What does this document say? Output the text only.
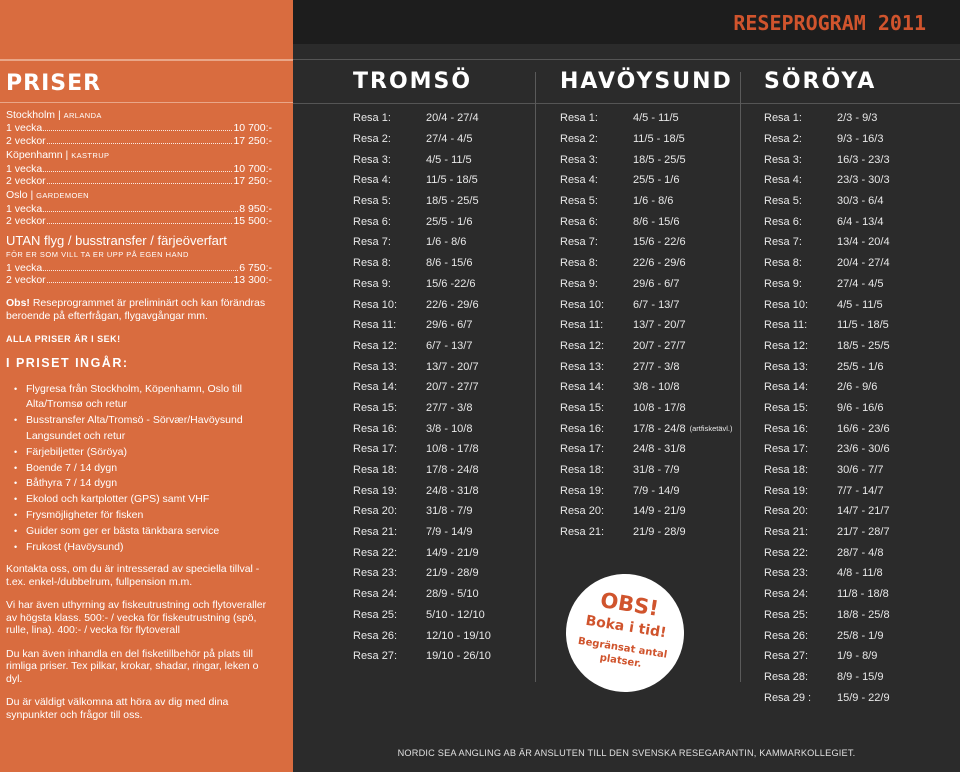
PRISER
Stockholm | ARLANDA
1 vecka	10 700:-
2 veckor	17 250:-
Köpenhamn | KASTRUP
1 vecka	10 700:-
2 veckor	17 250:-
Oslo | GARDEMOEN
1 vecka	8 950:-
2 veckor	15 500:-
UTAN flyg / busstransfer / färjeöverfart
FÖR ER SOM VILL TA ER UPP PÅ EGEN HAND
1 vecka	6 750:-
2 veckor	13 300:-
Obs! Reseprogrammet är preliminärt och kan förändras beroende på efterfrågan, flygavgångar mm.
ALLA PRISER ÄR I SEK!
I PRISET INGÅR:
• Flygresa från Stockholm, Köpenhamn, Oslo till Alta/Tromsø och retur
• Busstransfer Alta/Tromsö - Sörvær/Havöysund Langsundet och retur
• Färjebiljetter (Söröya)
• Boende 7 / 14 dygn
• Båthyra 7 / 14 dygn
• Ekolod och kartplotter (GPS) samt VHF
• Frysmöjligheter för fisken
• Guider som ger er bästa tänkbara service
• Frukost (Havöysund)
Kontakta oss, om du är intresserad av speciella tillval - t.ex. enkel-/dubbelrum, fullpension m.m.
Vi har även uthyrning av fiskeutrustning och flytoveraller av högsta klass. 500:- / vecka för fiskeutrustning (spö, rulle, lina). 400:- / vecka för flytoverall
Du kan även inhandla en del fisketillbehör på plats till rimliga priser. Tex pilkar, krokar, shadar, ringar, leken o dyl.
Du är väldigt välkomna att höra av dig med dina synpunkter och frågor till oss.
RESEPROGRAM 2011
TROMSÖ	HAVÖYSUND SÖRÖYA
Resa 1:	20/4 - 27/4
Resa 2:	27/4 - 4/5
Resa 3:	4/5 - 11/5
Resa 4:	11/5 - 18/5
Resa 5:	18/5 - 25/5
Resa 6:	25/5 - 1/6
Resa 7:	1/6 - 8/6
Resa 8:	8/6 - 15/6
Resa 9:	15/6 -22/6
Resa 10:	22/6 - 29/6
Resa 11:	29/6 - 6/7
Resa 12:	6/7 - 13/7
Resa 13:	13/7 - 20/7
Resa 14:	20/7 - 27/7
Resa 15:	27/7 - 3/8
Resa 16:	3/8 - 10/8
Resa 17:	10/8 - 17/8
Resa 18:	17/8 - 24/8
Resa 19:	24/8 - 31/8
Resa 20:	31/8 - 7/9
Resa 21:	7/9 - 14/9
Resa 22:	14/9 - 21/9
Resa 23:	21/9 - 28/9
Resa 24:	28/9 - 5/10
Resa 25:	5/10 - 12/10
Resa 26:	12/10 - 19/10
Resa 27:	19/10 - 26/10
Resa 1:	4/5 - 11/5
Resa 2:	11/5 - 18/5
Resa 3:	18/5 - 25/5
Resa 4:	25/5 - 1/6
Resa 5:	1/6 - 8/6
Resa 6:	8/6 - 15/6
Resa 7:	15/6 - 22/6
Resa 8:	22/6 - 29/6
Resa 9:	29/6 - 6/7
Resa 10:	6/7 - 13/7
Resa 11:	13/7 - 20/7
Resa 12:	20/7 - 27/7
Resa 13:	27/7 - 3/8
Resa 14:	3/8 - 10/8
Resa 15:	10/8 - 17/8
Resa 16:	17/8 - 24/8 (artfisketävl.)
Resa 17:	24/8 - 31/8
Resa 18:	31/8 - 7/9
Resa 19:	7/9 - 14/9
Resa 20:	14/9 - 21/9
Resa 21:	21/9 - 28/9
Resa 1:	2/3 - 9/3
Resa 2:	9/3 - 16/3
Resa 3:	16/3 - 23/3
Resa 4:	23/3 - 30/3
Resa 5:	30/3 - 6/4
Resa 6:	6/4 - 13/4
Resa 7:	13/4 - 20/4
Resa 8:	20/4 - 27/4
Resa 9:	27/4 - 4/5
Resa 10:	4/5 - 11/5
Resa 11:	11/5 - 18/5
Resa 12:	18/5 - 25/5
Resa 13:	25/5 - 1/6
Resa 14:	2/6 - 9/6
Resa 15:	9/6 - 16/6
Resa 16:	16/6 - 23/6
Resa 17:	23/6 - 30/6
Resa 18:	30/6 - 7/7
Resa 19:	7/7 - 14/7
Resa 20:	14/7 - 21/7
Resa 21:	21/7 - 28/7
Resa 22:	28/7 - 4/8
Resa 23:	4/8 - 11/8
Resa 24:	11/8 - 18/8
Resa 25:	18/8 - 25/8
Resa 26:	25/8 - 1/9
Resa 27:	1/9 - 8/9
Resa 28:	8/9 - 15/9
Resa 29 :	15/9 - 22/9
OBS!
Boka i tid!
Begränsat antal platser.
NORDIC SEA ANGLING AB ÄR ANSLUTEN TILL DEN SVENSKA RESEGARANTIN, KAMMARKOLLEGIET.
